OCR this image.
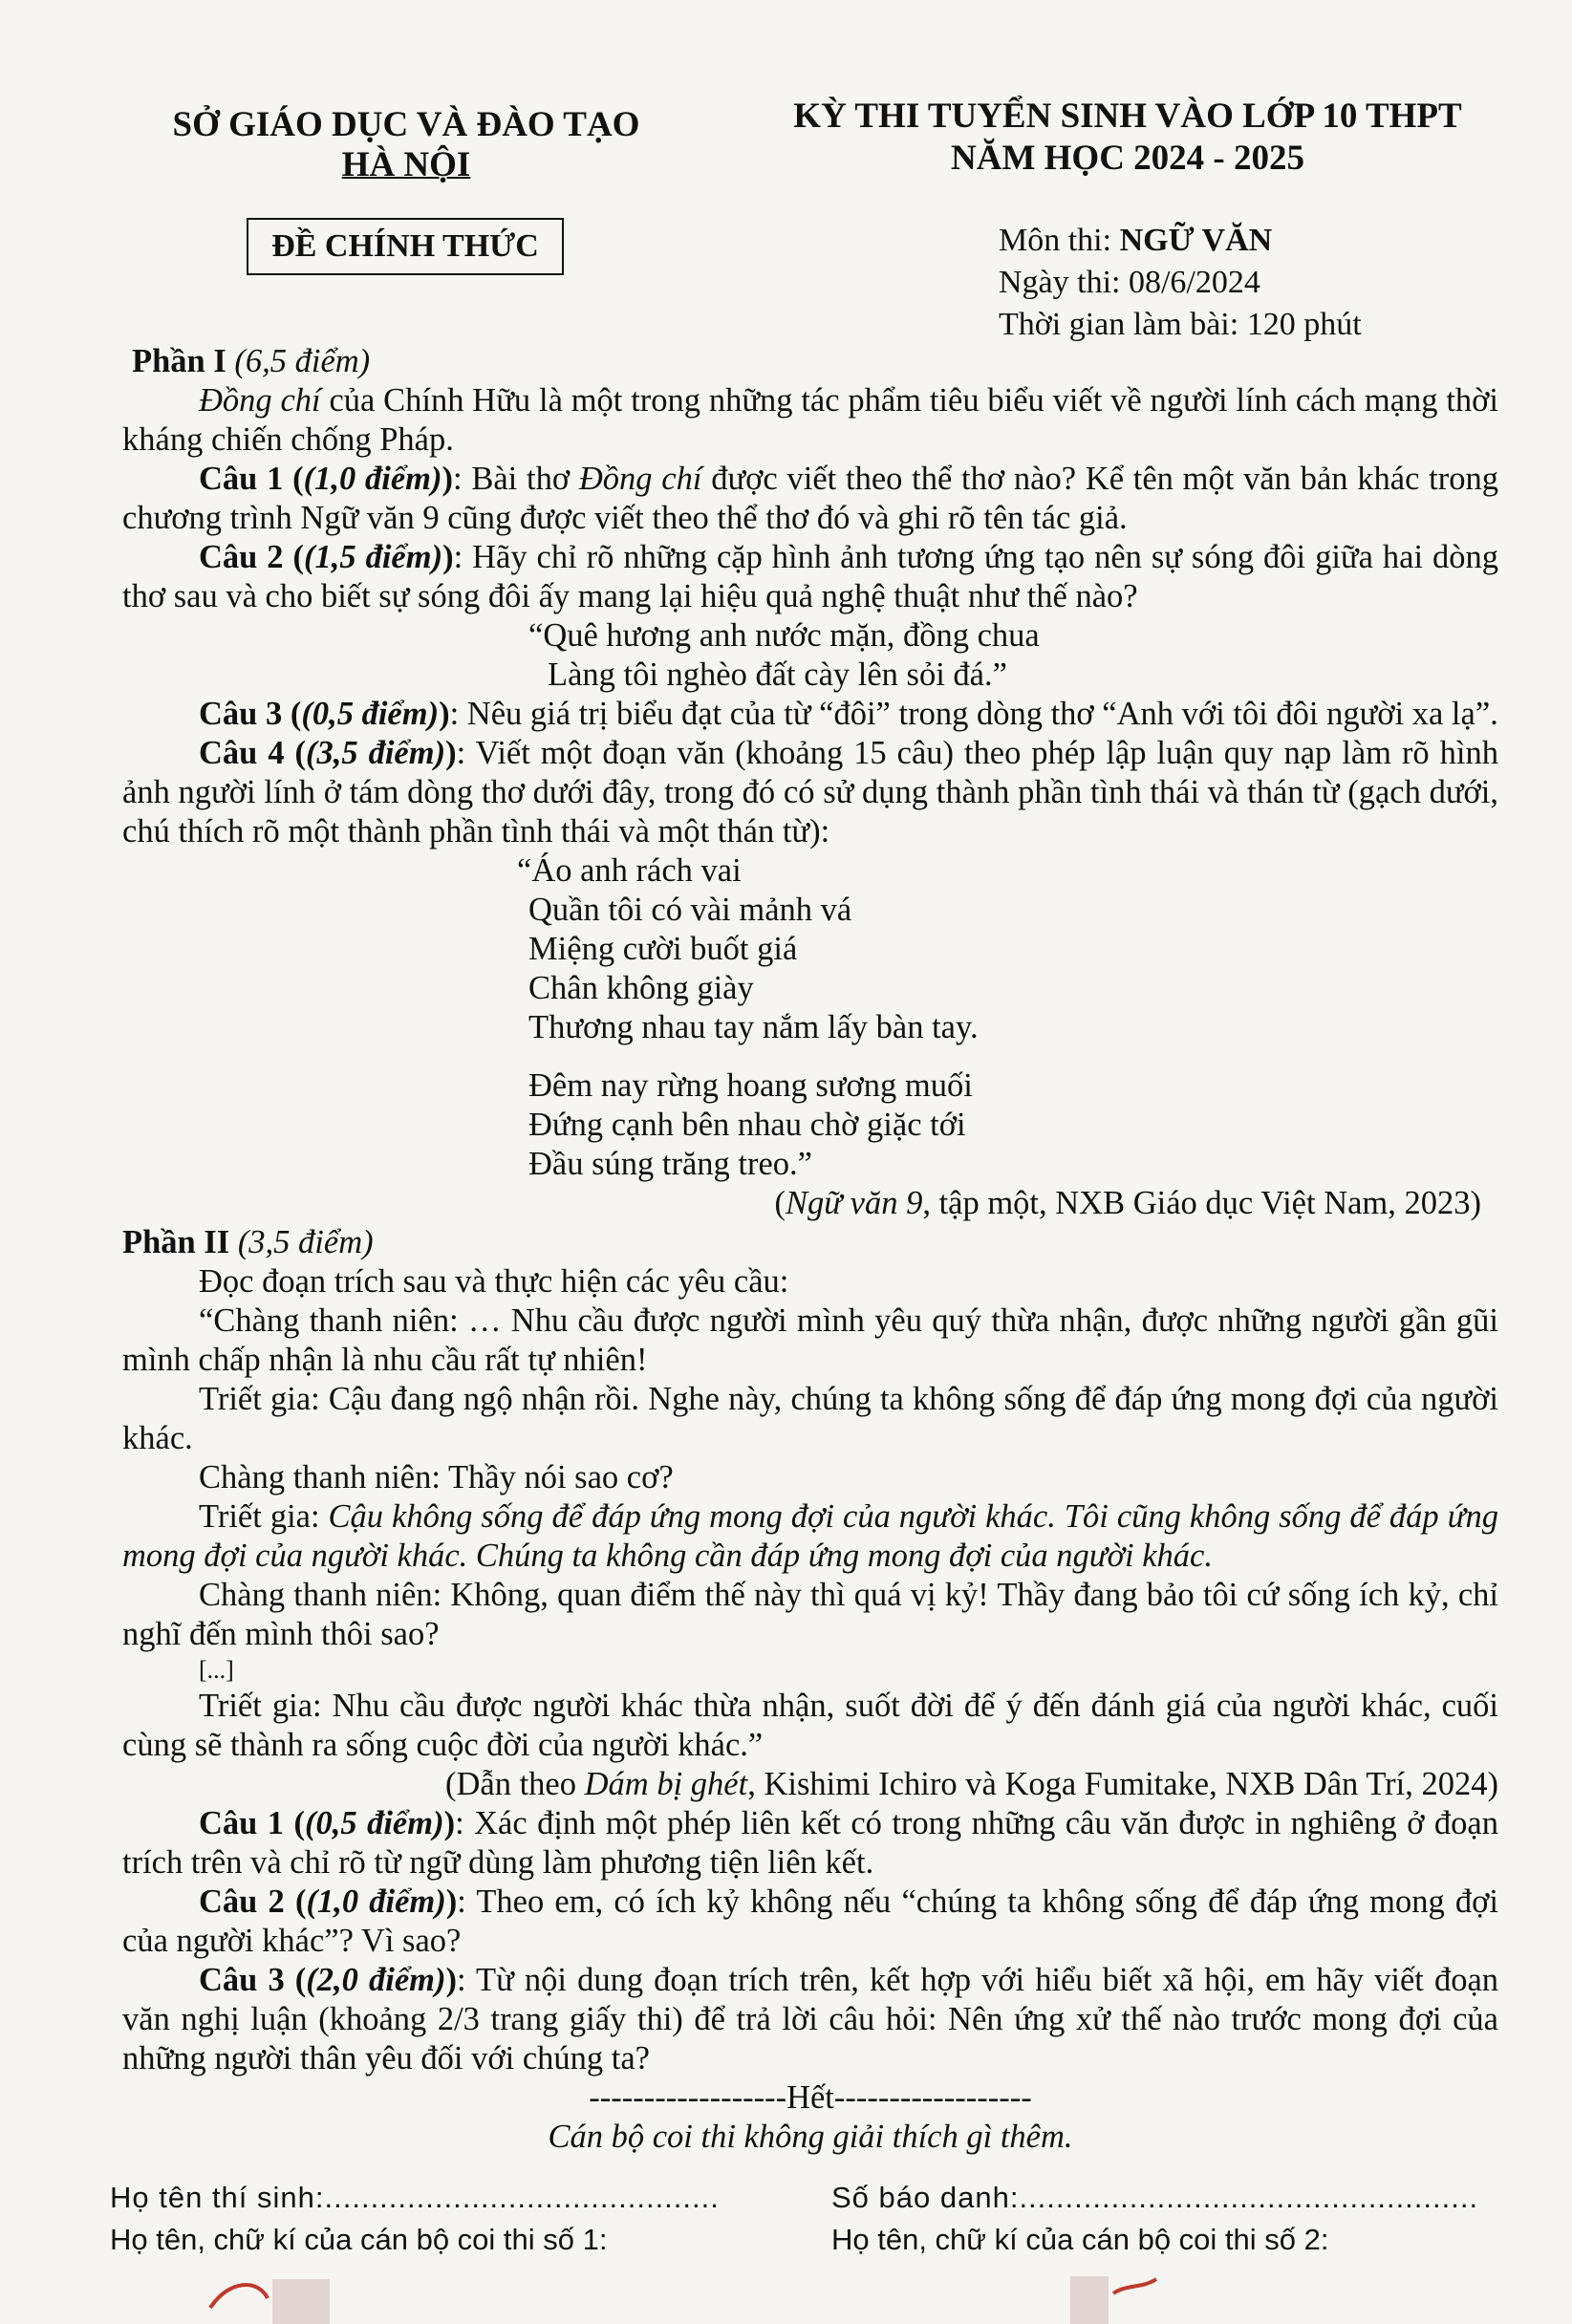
SỞ GIÁO DỤC VÀ ĐÀO TẠO
HÀ NỘI
KỲ THI TUYỂN SINH VÀO LỚP 10 THPT
NĂM HỌC 2024 - 2025
ĐỀ CHÍNH THỨC	Môn thi: NGỮ VĂN
Ngày thi: 08/6/2024
Thời gian làm bài: 120 phút

Phần I (6,5 điểm)

Đồng chí của Chính Hữu là một trong những tác phẩm tiêu biểu viết về người lính cách mạng thời kháng chiến chống Pháp.

Câu 1 ((1,0 điểm)): Bài thơ Đồng chí được viết theo thể thơ nào? Kể tên một văn bản khác trong chương trình Ngữ văn 9 cũng được viết theo thể thơ đó và ghi rõ tên tác giả.

Câu 2 ((1,5 điểm)): Hãy chỉ rõ những cặp hình ảnh tương ứng tạo nên sự sóng đôi giữa hai dòng thơ sau và cho biết sự sóng đôi ấy mang lại hiệu quả nghệ thuật như thế nào?

“Quê hương anh nước mặn, đồng chua
Làng tôi nghèo đất cày lên sỏi đá.”

Câu 3 ((0,5 điểm)): Nêu giá trị biểu đạt của từ “đôi” trong dòng thơ “Anh với tôi đôi người xa lạ”.

Câu 4 ((3,5 điểm)): Viết một đoạn văn (khoảng 15 câu) theo phép lập luận quy nạp làm rõ hình ảnh người lính ở tám dòng thơ dưới đây, trong đó có sử dụng thành phần tình thái và thán từ (gạch dưới, chú thích rõ một thành phần tình thái và một thán từ):

“Áo anh rách vai
Quần tôi có vài mảnh vá
Miệng cười buốt giá
Chân không giày
Thương nhau tay nắm lấy bàn tay.
Đêm nay rừng hoang sương muối
Đứng cạnh bên nhau chờ giặc tới
Đầu súng trăng treo.”

(Ngữ văn 9, tập một, NXB Giáo dục Việt Nam, 2023)

Phần II (3,5 điểm)

Đọc đoạn trích sau và thực hiện các yêu cầu:

“Chàng thanh niên: … Nhu cầu được người mình yêu quý thừa nhận, được những người gần gũi mình chấp nhận là nhu cầu rất tự nhiên!

Triết gia: Cậu đang ngộ nhận rồi. Nghe này, chúng ta không sống để đáp ứng mong đợi của người khác.

Chàng thanh niên: Thầy nói sao cơ?

Triết gia: Cậu không sống để đáp ứng mong đợi của người khác. Tôi cũng không sống để đáp ứng mong đợi của người khác. Chúng ta không cần đáp ứng mong đợi của người khác.

Chàng thanh niên: Không, quan điểm thế này thì quá vị kỷ! Thầy đang bảo tôi cứ sống ích kỷ, chỉ nghĩ đến mình thôi sao?

[...]

Triết gia: Nhu cầu được người khác thừa nhận, suốt đời để ý đến đánh giá của người khác, cuối cùng sẽ thành ra sống cuộc đời của người khác.”

(Dẫn theo Dám bị ghét, Kishimi Ichiro và Koga Fumitake, NXB Dân Trí, 2024)

Câu 1 ((0,5 điểm)): Xác định một phép liên kết có trong những câu văn được in nghiêng ở đoạn trích trên và chỉ rõ từ ngữ dùng làm phương tiện liên kết.

Câu 2 ((1,0 điểm)): Theo em, có ích kỷ không nếu “chúng ta không sống để đáp ứng mong đợi của người khác”? Vì sao?

Câu 3 ((2,0 điểm)): Từ nội dung đoạn trích trên, kết hợp với hiểu biết xã hội, em hãy viết đoạn văn nghị luận (khoảng 2/3 trang giấy thi) để trả lời câu hỏi: Nên ứng xử thế nào trước mong đợi của những người thân yêu đối với chúng ta?

------------------Hết------------------

Cán bộ coi thi không giải thích gì thêm.

Họ tên thí sinh:...........................................	Số báo danh:..................................................
Họ tên, chữ kí của cán bộ coi thi số 1:	Họ tên, chữ kí của cán bộ coi thi số 2:
